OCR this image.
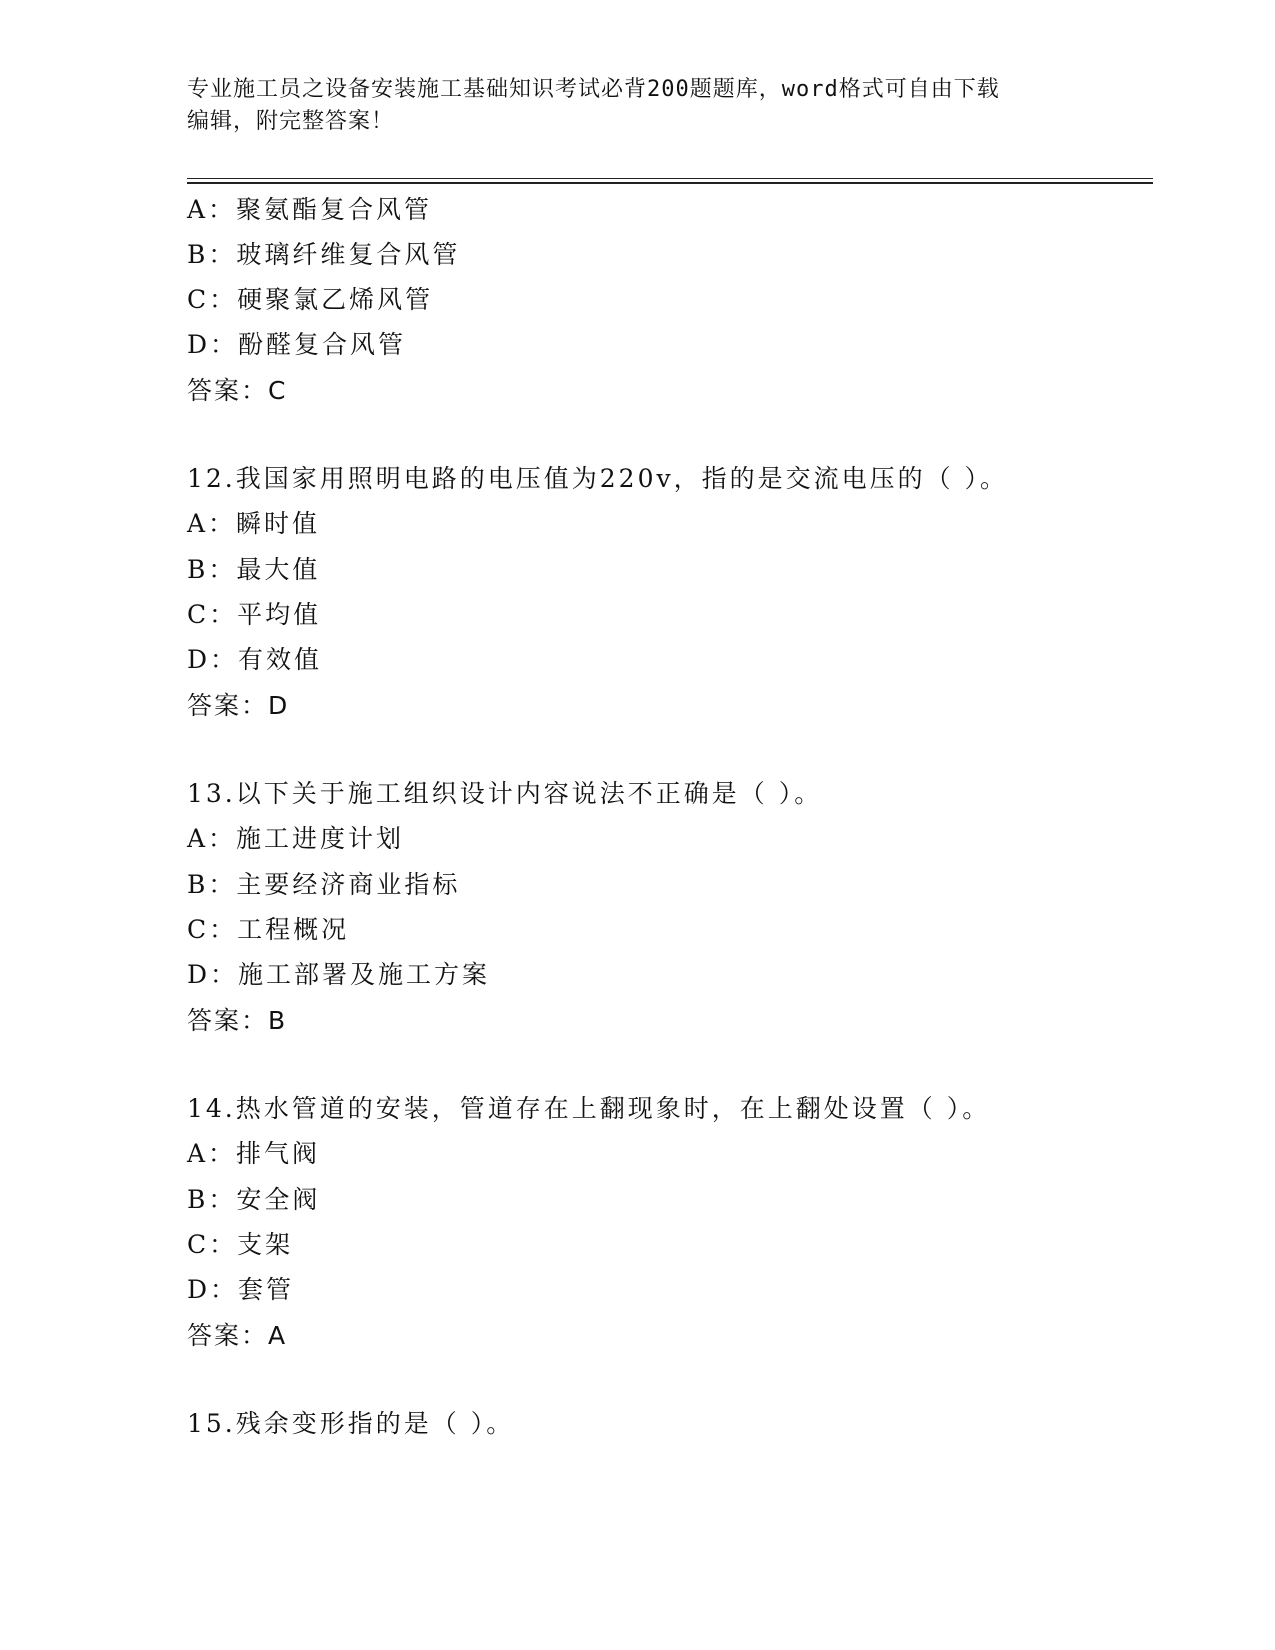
专业施工员之设备安装施工基础知识考试必背200题题库，word格式可自由下载
编辑，附完整答案！
A：聚氨酯复合风管
B：玻璃纤维复合风管
C：硬聚氯乙烯风管
D：酚醛复合风管
答案：C
12.我国家用照明电路的电压值为220v，指的是交流电压的（ ）。
A：瞬时值
B：最大值
C：平均值
D：有效值
答案：D
13.以下关于施工组织设计内容说法不正确是（ ）。
A：施工进度计划
B：主要经济商业指标
C：工程概况
D：施工部署及施工方案
答案：B
14.热水管道的安装，管道存在上翻现象时，在上翻处设置（ ）。
A：排气阀
B：安全阀
C：支架
D：套管
答案：A
15.残余变形指的是（ ）。
